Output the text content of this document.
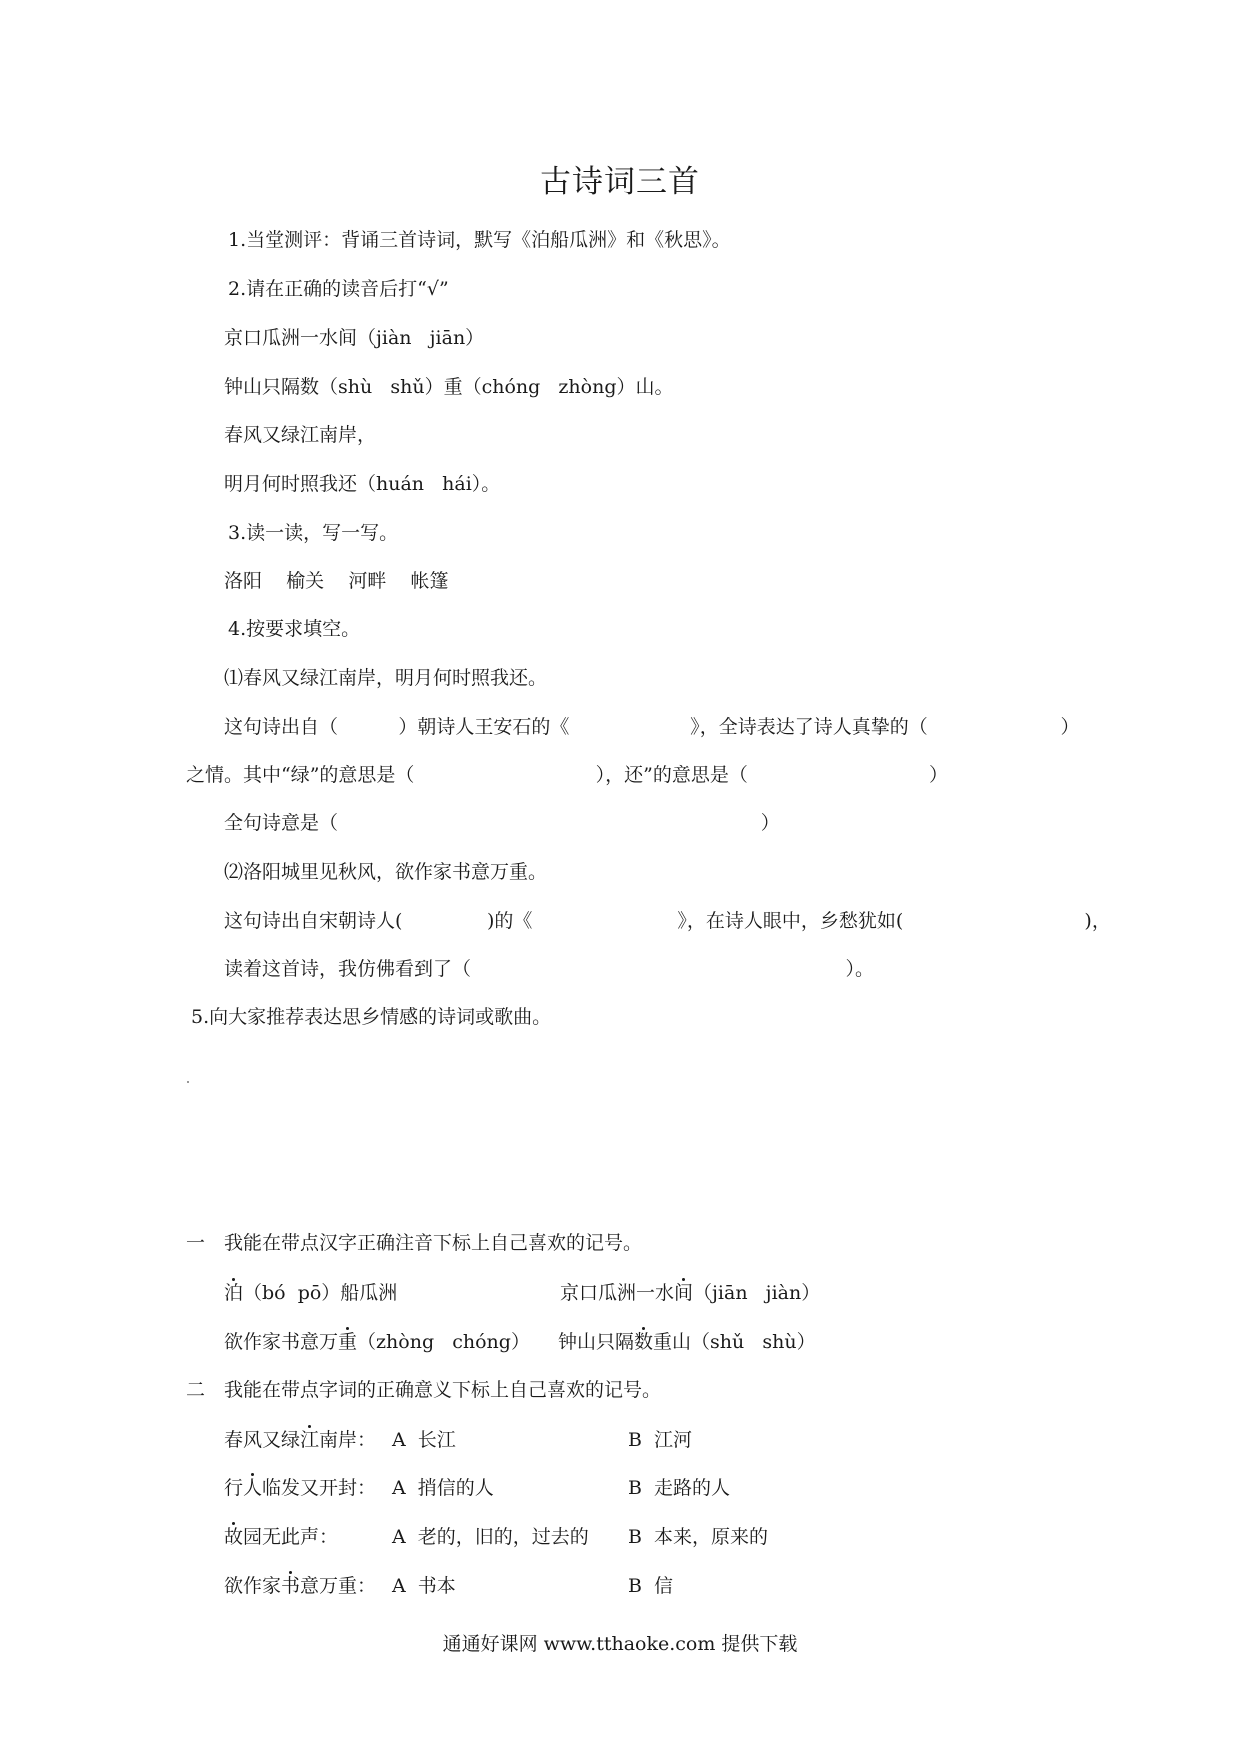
古诗词三首
1.当堂测评：背诵三首诗词，默写《泊船瓜洲》和《秋思》。
2.请在正确的读音后打“√”
京口瓜洲一水间（jiàn   jiān）
钟山只隔数（shù   shǔ）重（chóng   zhòng）山。
春风又绿江南岸，
明月何时照我还（huán   hái）。
3.读一读，写一写。
洛阳    榆关    河畔    帐篷
4.按要求填空。
⑴春风又绿江南岸，明月何时照我还。
这句诗出自（          ）朝诗人王安石的《                    》，全诗表达了诗人真挚的（                      ）
之情。其中“绿”的意思是（                              ），还”的意思是（                              ）
全句诗意是（                                                                      ）
⑵洛阳城里见秋风，欲作家书意万重。
这句诗出自宋朝诗人(              )的《                        》，在诗人眼中，乡愁犹如(                              )，
读着这首诗，我仿佛看到了（                                                              ）。
5.向大家推荐表达思乡情感的诗词或歌曲。
一 我能在带点汉字正确注音下标上自己喜欢的记号。
泊（bó  pō）船瓜洲	京口瓜洲一水间（jiān   jiàn）
欲作家书意万重（zhòng   chóng） 钟山只隔数重山（shǔ   shù）
二 我能在带点字词的正确意义下标上自己喜欢的记号。
春风又绿江南岸： A  长江	B  江河
行人临发又开封： A  捎信的人	B  走路的人
故园无此声：	A  老的，旧的，过去的 B  本来，原来的
欲作家书意万重： A  书本	B  信
通通好课网 www.tthaoke.com 提供下载
